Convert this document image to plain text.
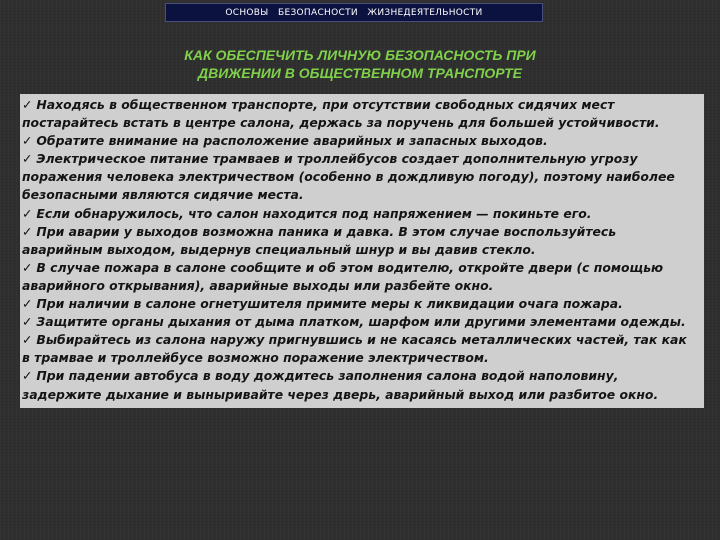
ОСНОВЫ   БЕЗОПАСНОСТИ   ЖИЗНЕДЕЯТЕЛЬНОСТИ
КАК ОБЕСПЕЧИТЬ ЛИЧНУЮ БЕЗОПАСНОСТЬ ПРИ
ДВИЖЕНИИ В ОБЩЕСТВЕННОМ ТРАНСПОРТЕ

✓ Находясь в общественном транспорте, при отсутствии свободных сидячих мест постарайтесь встать в центре салона, держась за поручень для большей устойчивости.

✓ Обратите внимание на расположение аварийных и запасных выходов.

✓ Электрическое питание трамваев и троллейбусов создает дополнительную угрозу поражения человека электричеством (особенно в дождливую погоду), поэтому наиболее безопасными являются сидячие места.

✓ Если обнаружилось, что салон находится под напряжением — покиньте его.

✓ При аварии у выходов возможна паника и давка. В этом случае воспользуйтесь аварийным выходом, выдернув специальный шнур и вы давив стекло.

✓ В случае пожара в салоне сообщите и об этом водителю, откройте двери (с помощью аварийного открывания), аварийные выходы или разбейте окно.

✓ При наличии в салоне огнетушителя примите меры к ликвидации очага пожара.

✓ Защитите органы дыхания от дыма платком, шарфом или другими элементами одежды.

✓ Выбирайтесь из салона наружу пригнувшись и не касаясь металлических частей, так как в трамвае и троллейбусе возможно поражение электричеством.

✓ При падении автобуса в воду дождитесь заполнения салона водой наполовину, задержите дыхание и выныривайте через дверь, аварийный выход или разбитое окно.
